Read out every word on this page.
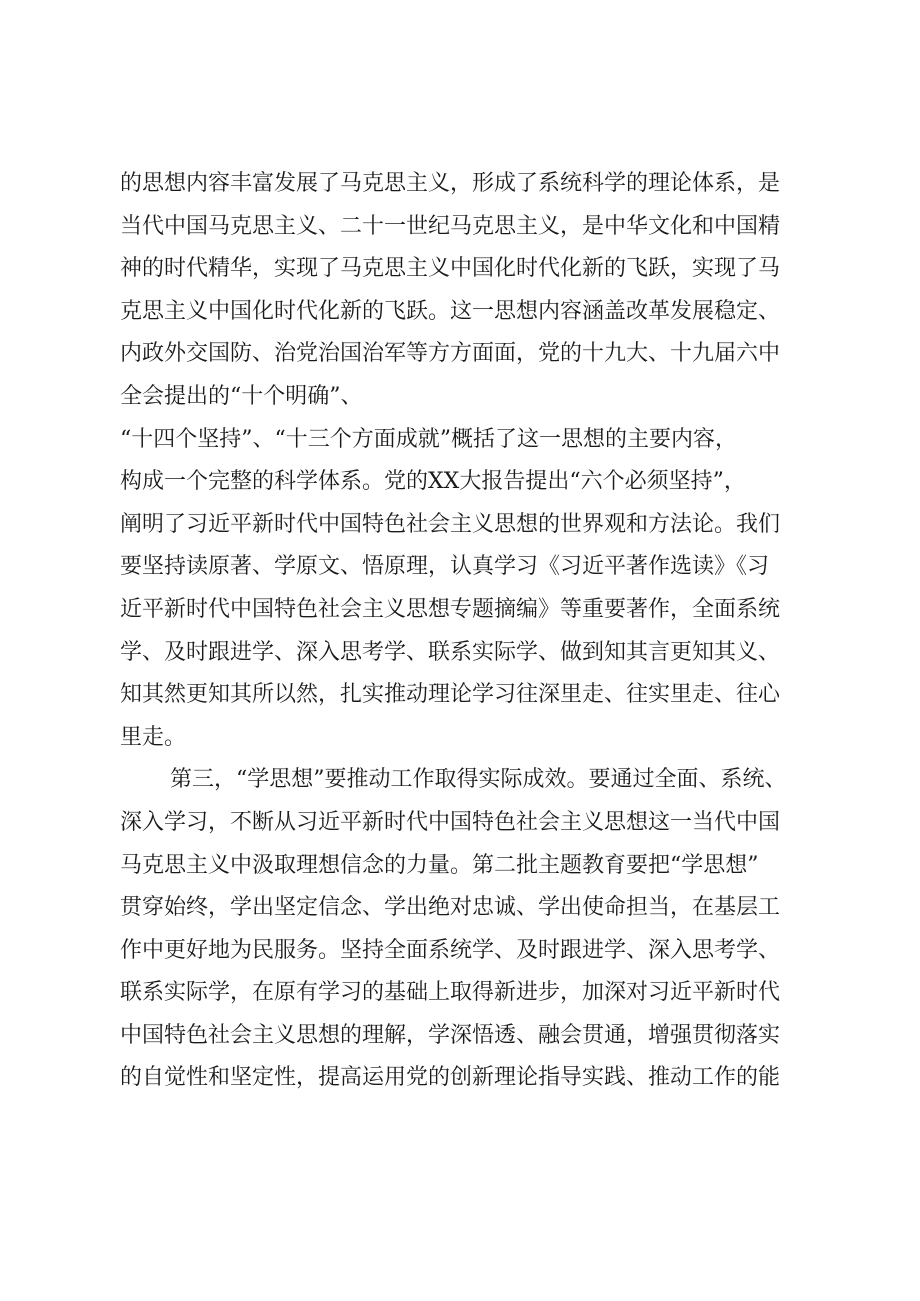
的思想内容丰富发展了马克思主义，形成了系统科学的理论体系，是
当代中国马克思主义、二十一世纪马克思主义，是中华文化和中国精
神的时代精华，实现了马克思主义中国化时代化新的飞跃，实现了马
克思主义中国化时代化新的飞跃。这一思想内容涵盖改革发展稳定、
内政外交国防、治党治国治军等方方面面，党的十九大、十九届六中
全会提出的“十个明确”、
“十四个坚持”、“十三个方面成就”概括了这一思想的主要内容，
构成一个完整的科学体系。党的XX大报告提出“六个必须坚持”，
阐明了习近平新时代中国特色社会主义思想的世界观和方法论。我们
要坚持读原著、学原文、悟原理，认真学习《习近平著作选读》《习
近平新时代中国特色社会主义思想专题摘编》等重要著作，全面系统
学、及时跟进学、深入思考学、联系实际学、做到知其言更知其义、
知其然更知其所以然，扎实推动理论学习往深里走、往实里走、往心
里走。
第三，“学思想”要推动工作取得实际成效。要通过全面、系统、
深入学习，不断从习近平新时代中国特色社会主义思想这一当代中国
马克思主义中汲取理想信念的力量。第二批主题教育要把“学思想”
贯穿始终，学出坚定信念、学出绝对忠诚、学出使命担当，在基层工
作中更好地为民服务。坚持全面系统学、及时跟进学、深入思考学、
联系实际学，在原有学习的基础上取得新进步，加深对习近平新时代
中国特色社会主义思想的理解，学深悟透、融会贯通，增强贯彻落实
的自觉性和坚定性，提高运用党的创新理论指导实践、推动工作的能
